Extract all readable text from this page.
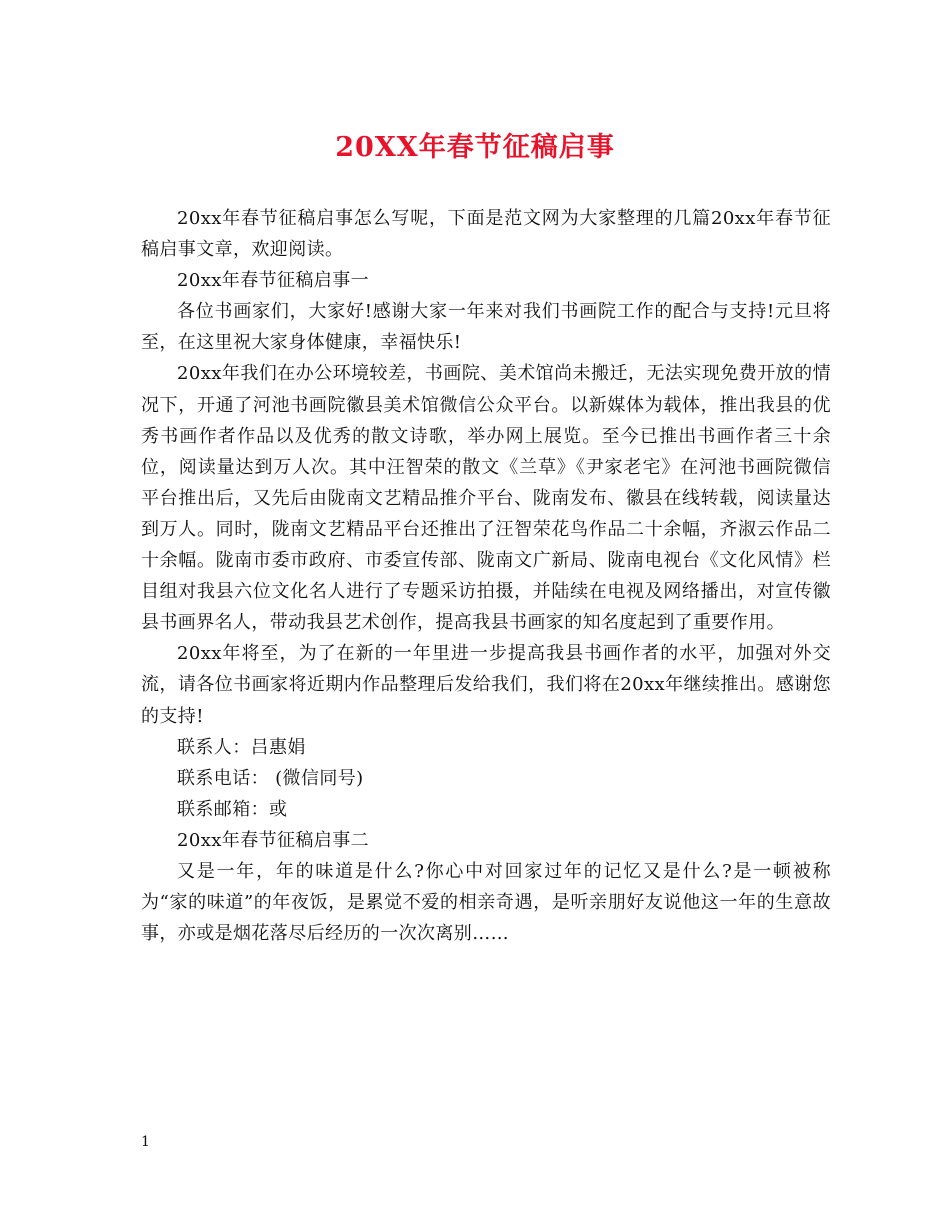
20XX年春节征稿启事

20xx年春节征稿启事怎么写呢，下面是范文网为大家整理的几篇20xx年春节征稿启事文章，欢迎阅读。

20xx年春节征稿启事一

各位书画家们，大家好!感谢大家一年来对我们书画院工作的配合与支持!元旦将至，在这里祝大家身体健康，幸福快乐!

20xx年我们在办公环境较差，书画院、美术馆尚未搬迁，无法实现免费开放的情况下，开通了河池书画院徽县美术馆微信公众平台。以新媒体为载体，推出我县的优秀书画作者作品以及优秀的散文诗歌，举办网上展览。至今已推出书画作者三十余位，阅读量达到万人次。其中汪智荣的散文《兰草》《尹家老宅》在河池书画院微信平台推出后，又先后由陇南文艺精品推介平台、陇南发布、徽县在线转载，阅读量达到万人。同时，陇南文艺精品平台还推出了汪智荣花鸟作品二十余幅，齐淑云作品二十余幅。陇南市委市政府、市委宣传部、陇南文广新局、陇南电视台《文化风情》栏目组对我县六位文化名人进行了专题采访拍摄，并陆续在电视及网络播出，对宣传徽县书画界名人，带动我县艺术创作，提高我县书画家的知名度起到了重要作用。

20xx年将至，为了在新的一年里进一步提高我县书画作者的水平，加强对外交流，请各位书画家将近期内作品整理后发给我们，我们将在20xx年继续推出。感谢您的支持!

联系人：吕惠娟

联系电话： (微信同号)

联系邮箱：或

20xx年春节征稿启事二

又是一年，年的味道是什么?你心中对回家过年的记忆又是什么?是一顿被称为“家的味道”的年夜饭，是累觉不爱的相亲奇遇，是听亲朋好友说他这一年的生意故事，亦或是烟花落尽后经历的一次次离别……

1
